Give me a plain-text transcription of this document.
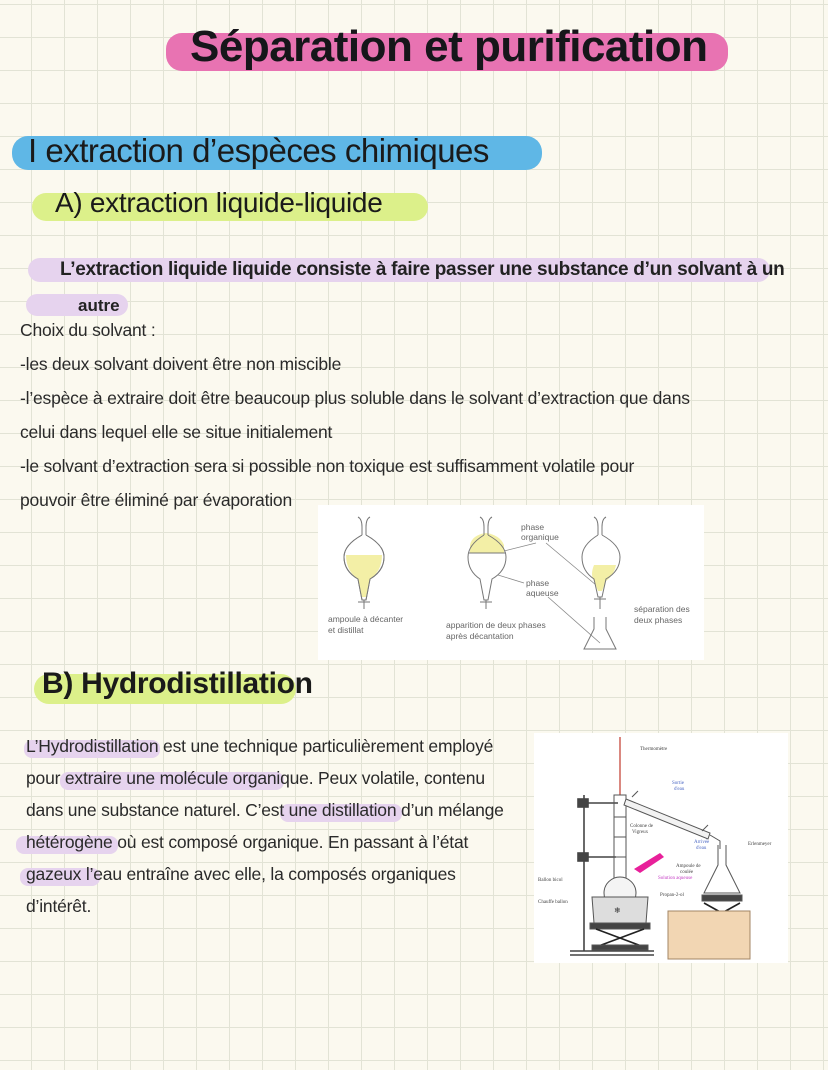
Séparation et purification
I extraction d’espèces chimiques
A) extraction liquide-liquide
L’extraction liquide liquide consiste à faire passer une substance d’un solvant à un
autre
Choix du solvant :
-les deux solvant doivent être non miscible
-l’espèce à extraire doit être beaucoup plus soluble dans le solvant d’extraction que dans
celui dans lequel elle se situe initialement
-le solvant d’extraction sera si possible non toxique est suffisamment volatile pour
pouvoir être éliminé par évaporation
ampoule à décanter
et distillat	apparition de deux phases
après décantation
phase
organique
phase
aqueuse
séparation des
deux phases
B) Hydrodistillation
L’Hydrodistillation est une technique particulièrement employé
pour extraire une molécule organique. Peux volatile, contenu
dans une substance naturel. C’est une distillation d’un mélange
hétérogène où est composé organique. En passant à l’état
gazeux l’eau entraîne avec elle, la composés organiques
d’intérêt.	❄
Thermomètre
Sortie
d'eau
Arrivée
d'eau
Colonne de
Vigreux
Erlenmeyer
Ampoule de
coulée
Solution aqueuse
Ballon bicol
Propan-2-ol
Chauffe ballon
